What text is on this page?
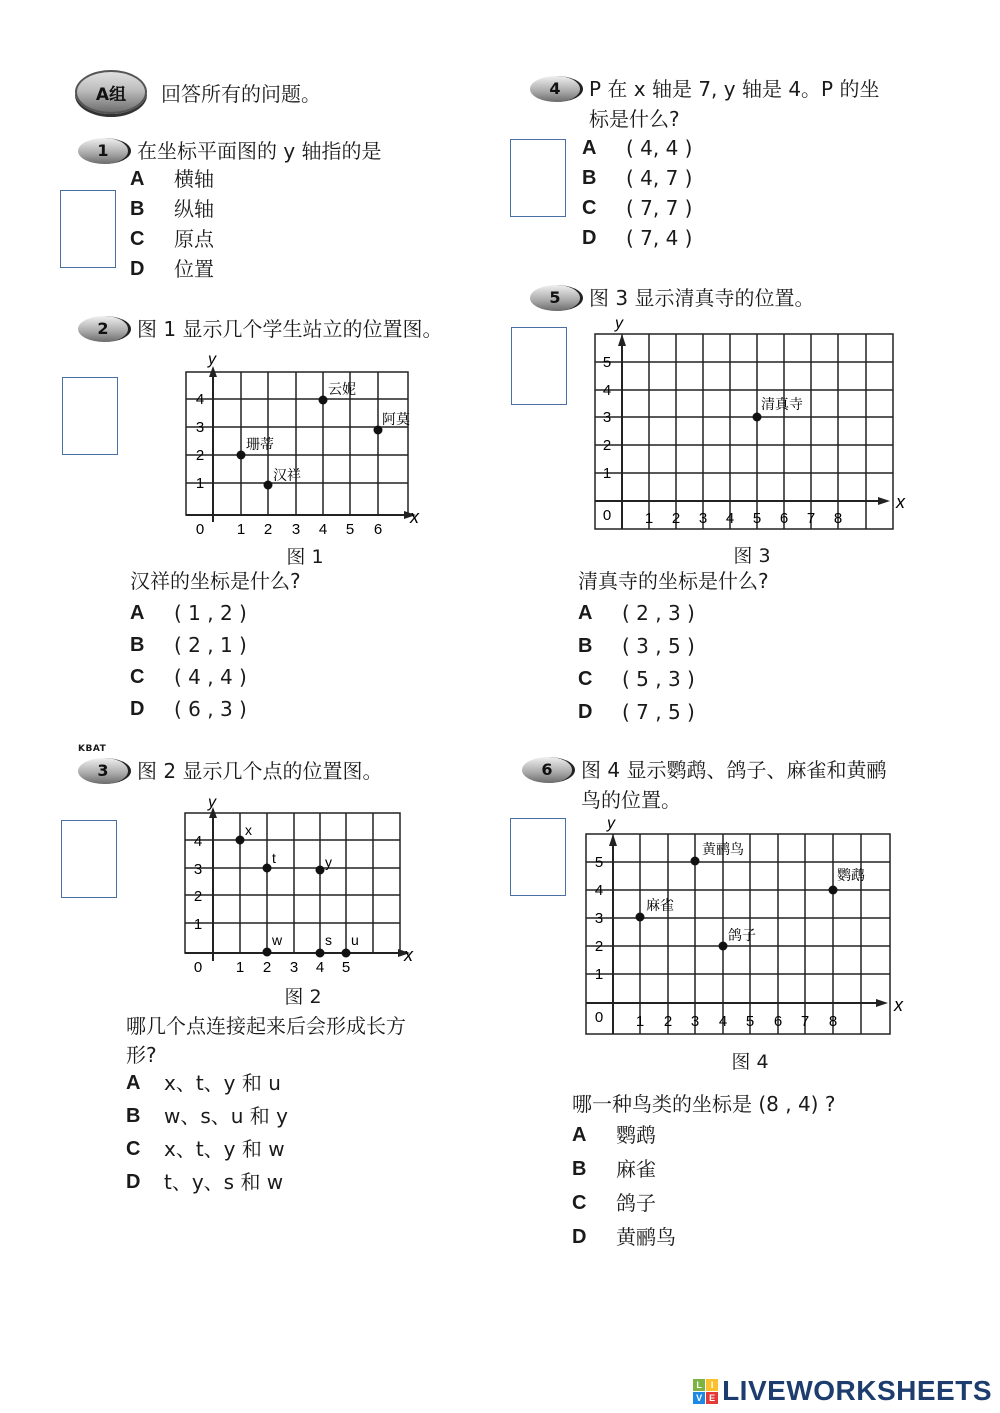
A组	回答所有的问题。
1	在坐标平面图的 y 轴指的是
A	横轴
B	纵轴
C	原点
D	位置
2	图 1 显示几个学生站立的位置图。
y
x
0 1 2 3 4 5 6
4
3
2
1
珊蒂
汉祥
云妮
阿莫
图 1
汉祥的坐标是什么?
A	( 1 , 2 )
B	( 2 , 1 )
C	( 4 , 4 )
D	( 6 , 3 )
KBAT
3	图 2 显示几个点的位置图。
y
x
0 1 2 3 4 5
4
3
2
1
x
t	y
w	s u
图 2
哪几个点连接起来后会形成长方
形?
A	x、t、y 和 u
B	w、s、u 和 y
C	x、t、y 和 w
D	t、y、s 和 w
4	P 在 x 轴是 7, y 轴是 4。P 的坐
标是什么?
A	( 4, 4 )
B	( 4, 7 )
C	( 7, 7 )
D	( 7, 4 )
5	图 3 显示清真寺的位置。
y
x
0 1 2 3 4 5 6 7 8
5
4
3
2
1
清真寺
图 3
清真寺的坐标是什么?
A	( 2 , 3 )
B	( 3 , 5 )
C	( 5 , 3 )
D	( 7 , 5 )
6	图 4 显示鹦鹉、鸽子、麻雀和黄鹂
鸟的位置。
y
x
0 1 2 3 4 5 6 7 8
5
4
3
2
1
麻雀
黄鹂鸟
鸽子
鹦鹉
图 4
哪一种鸟类的坐标是 (8 , 4) ?
A	鹦鹉
B	麻雀
C	鸽子
D	黄鹂鸟
L I
V E LIVEWORKSHEETS
